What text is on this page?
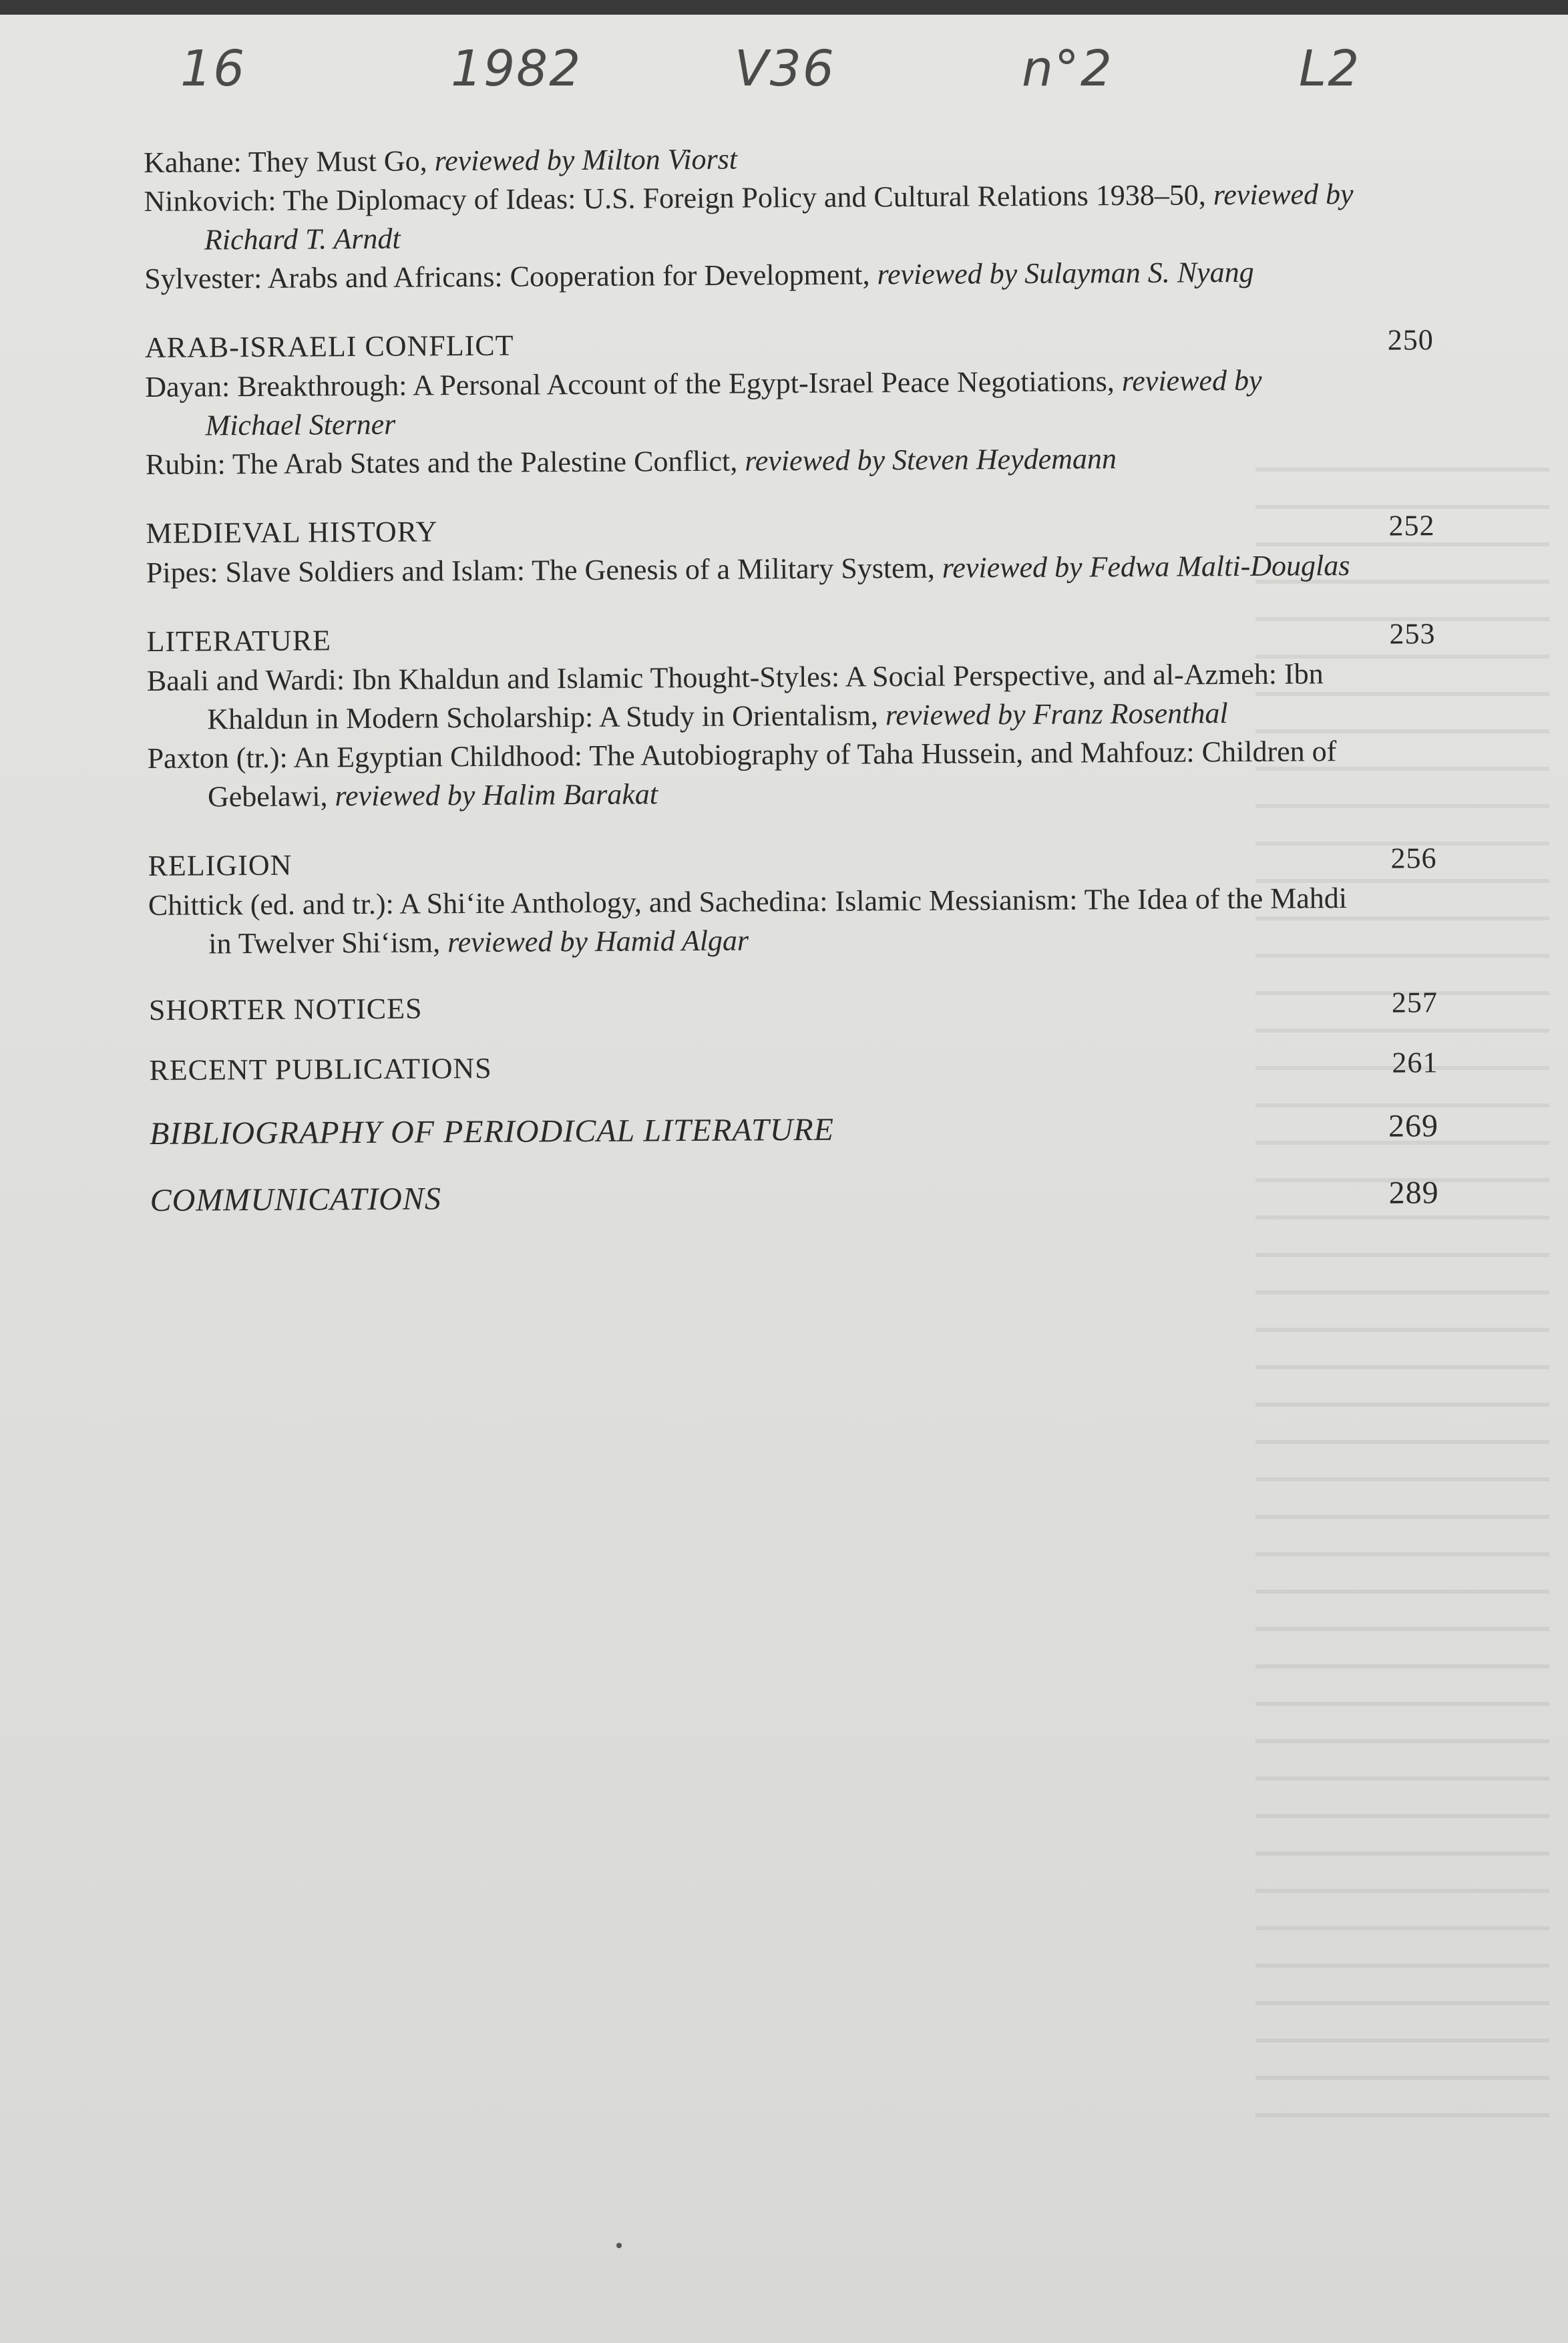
16	1982	V36	n°2	L2
Kahane: They Must Go, reviewed by Milton Viorst
Ninkovich: The Diplomacy of Ideas: U.S. Foreign Policy and Cultural Relations 1938–50, reviewed by Richard T. Arndt
Sylvester: Arabs and Africans: Cooperation for Development, reviewed by Sulayman S. Nyang
ARAB-ISRAELI CONFLICT	250
Dayan: Breakthrough: A Personal Account of the Egypt-Israel Peace Negotiations, reviewed by Michael Sterner
Rubin: The Arab States and the Palestine Conflict, reviewed by Steven Heydemann
MEDIEVAL HISTORY	252
Pipes: Slave Soldiers and Islam: The Genesis of a Military System, reviewed by Fedwa Malti-Douglas
LITERATURE	253
Baali and Wardi: Ibn Khaldun and Islamic Thought-Styles: A Social Perspective, and al-Azmeh: Ibn Khaldun in Modern Scholarship: A Study in Orientalism, reviewed by Franz Rosenthal
Paxton (tr.): An Egyptian Childhood: The Autobiography of Taha Hussein, and Mahfouz: Children of Gebelawi, reviewed by Halim Barakat
RELIGION	256
Chittick (ed. and tr.): A Shi‘ite Anthology, and Sachedina: Islamic Messianism: The Idea of the Mahdi in Twelver Shi‘ism, reviewed by Hamid Algar
SHORTER NOTICES	257
RECENT PUBLICATIONS	261
BIBLIOGRAPHY OF PERIODICAL LITERATURE	269
COMMUNICATIONS	289
